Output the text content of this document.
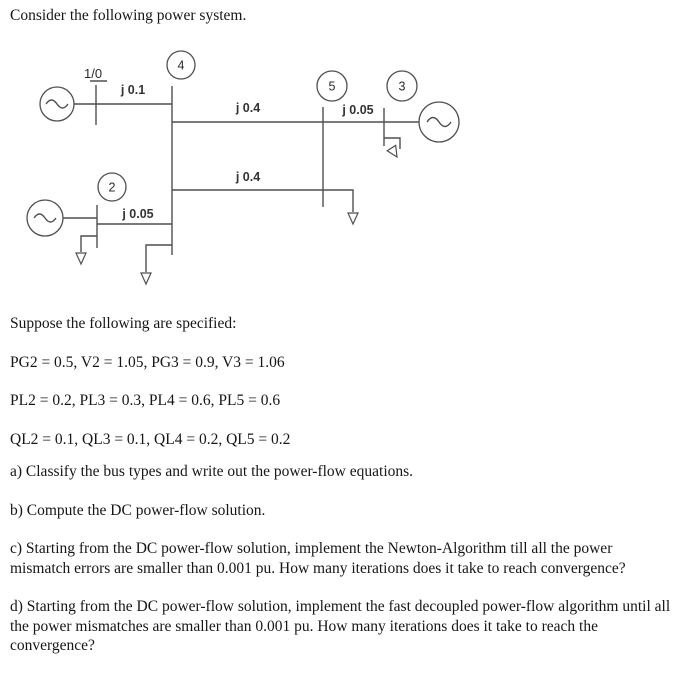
Consider the following power system.

1/0
j 0.1
4
j 0.4
5
j 0.05
3
j 0.4
2
j 0.05

Suppose the following are specified:

PG2 = 0.5, V2 = 1.05, PG3 = 0.9, V3 = 1.06

PL2 = 0.2, PL3 = 0.3, PL4 = 0.6, PL5 = 0.6

QL2 = 0.1, QL3 = 0.1, QL4 = 0.2, QL5 = 0.2

a) Classify the bus types and write out the power-flow equations.

b) Compute the DC power-flow solution.

c) Starting from the DC power-flow solution, implement the Newton-Algorithm till all the power mismatch errors are smaller than 0.001 pu. How many iterations does it take to reach convergence?

d) Starting from the DC power-flow solution, implement the fast decoupled power-flow algorithm until all the power mismatches are smaller than 0.001 pu. How many iterations does it take to reach the convergence?
